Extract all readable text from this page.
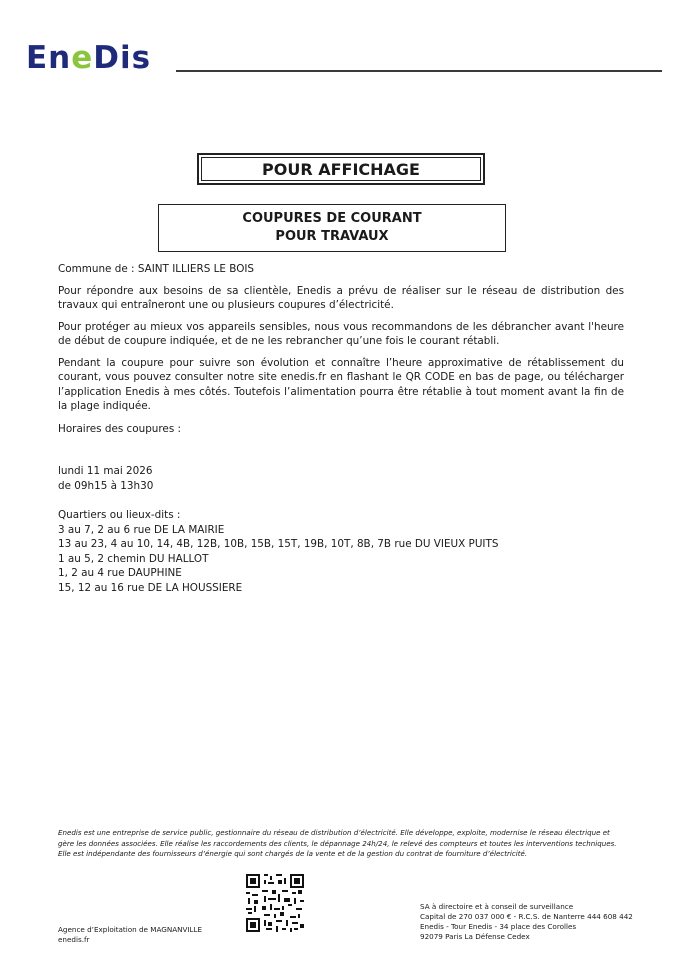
EneDis
POUR AFFICHAGE
COUPURES DE COURANT
POUR TRAVAUX

Commune de : SAINT ILLIERS LE BOIS

Pour répondre aux besoins de sa clientèle, Enedis a prévu de réaliser sur le réseau de distribution des travaux qui entraîneront une ou plusieurs coupures d’électricité.

Pour protéger au mieux vos appareils sensibles, nous vous recommandons de les débrancher avant l'heure de début de coupure indiquée, et de ne les rebrancher qu’une fois le courant rétabli.

Pendant la coupure pour suivre son évolution et connaître l’heure approximative de rétablissement du courant, vous pouvez consulter notre site enedis.fr en flashant le QR CODE en bas de page, ou télécharger l’application Enedis à mes côtés. Toutefois l’alimentation pourra être rétablie à tout moment avant la fin de la plage indiquée.

Horaires des coupures :

lundi 11 mai 2026

de 09h15 à 13h30

Quartiers ou lieux-dits :

3 au 7, 2 au 6 rue DE LA MAIRIE

13 au 23, 4 au 10, 14, 4B, 12B, 10B, 15B, 15T, 19B, 10T, 8B, 7B rue DU VIEUX PUITS

1 au 5, 2 chemin DU HALLOT

1, 2 au 4 rue DAUPHINE

15, 12 au 16 rue DE LA HOUSSIERE

Enedis est une entreprise de service public, gestionnaire du réseau de distribution d’électricité. Elle développe, exploite, modernise le réseau électrique et gère les données associées. Elle réalise les raccordements des clients, le dépannage 24h/24, le relevé des compteurs et toutes les interventions techniques. Elle est indépendante des fournisseurs d’énergie qui sont chargés de la vente et de la gestion du contrat de fourniture d’électricité.
Agence d’Exploitation de MAGNANVILLE
enedis.fr
SA à directoire et à conseil de surveillance
Capital de 270 037 000 € - R.C.S. de Nanterre 444 608 442
Enedis - Tour Enedis - 34 place des Corolles
92079 Paris La Défense Cedex
